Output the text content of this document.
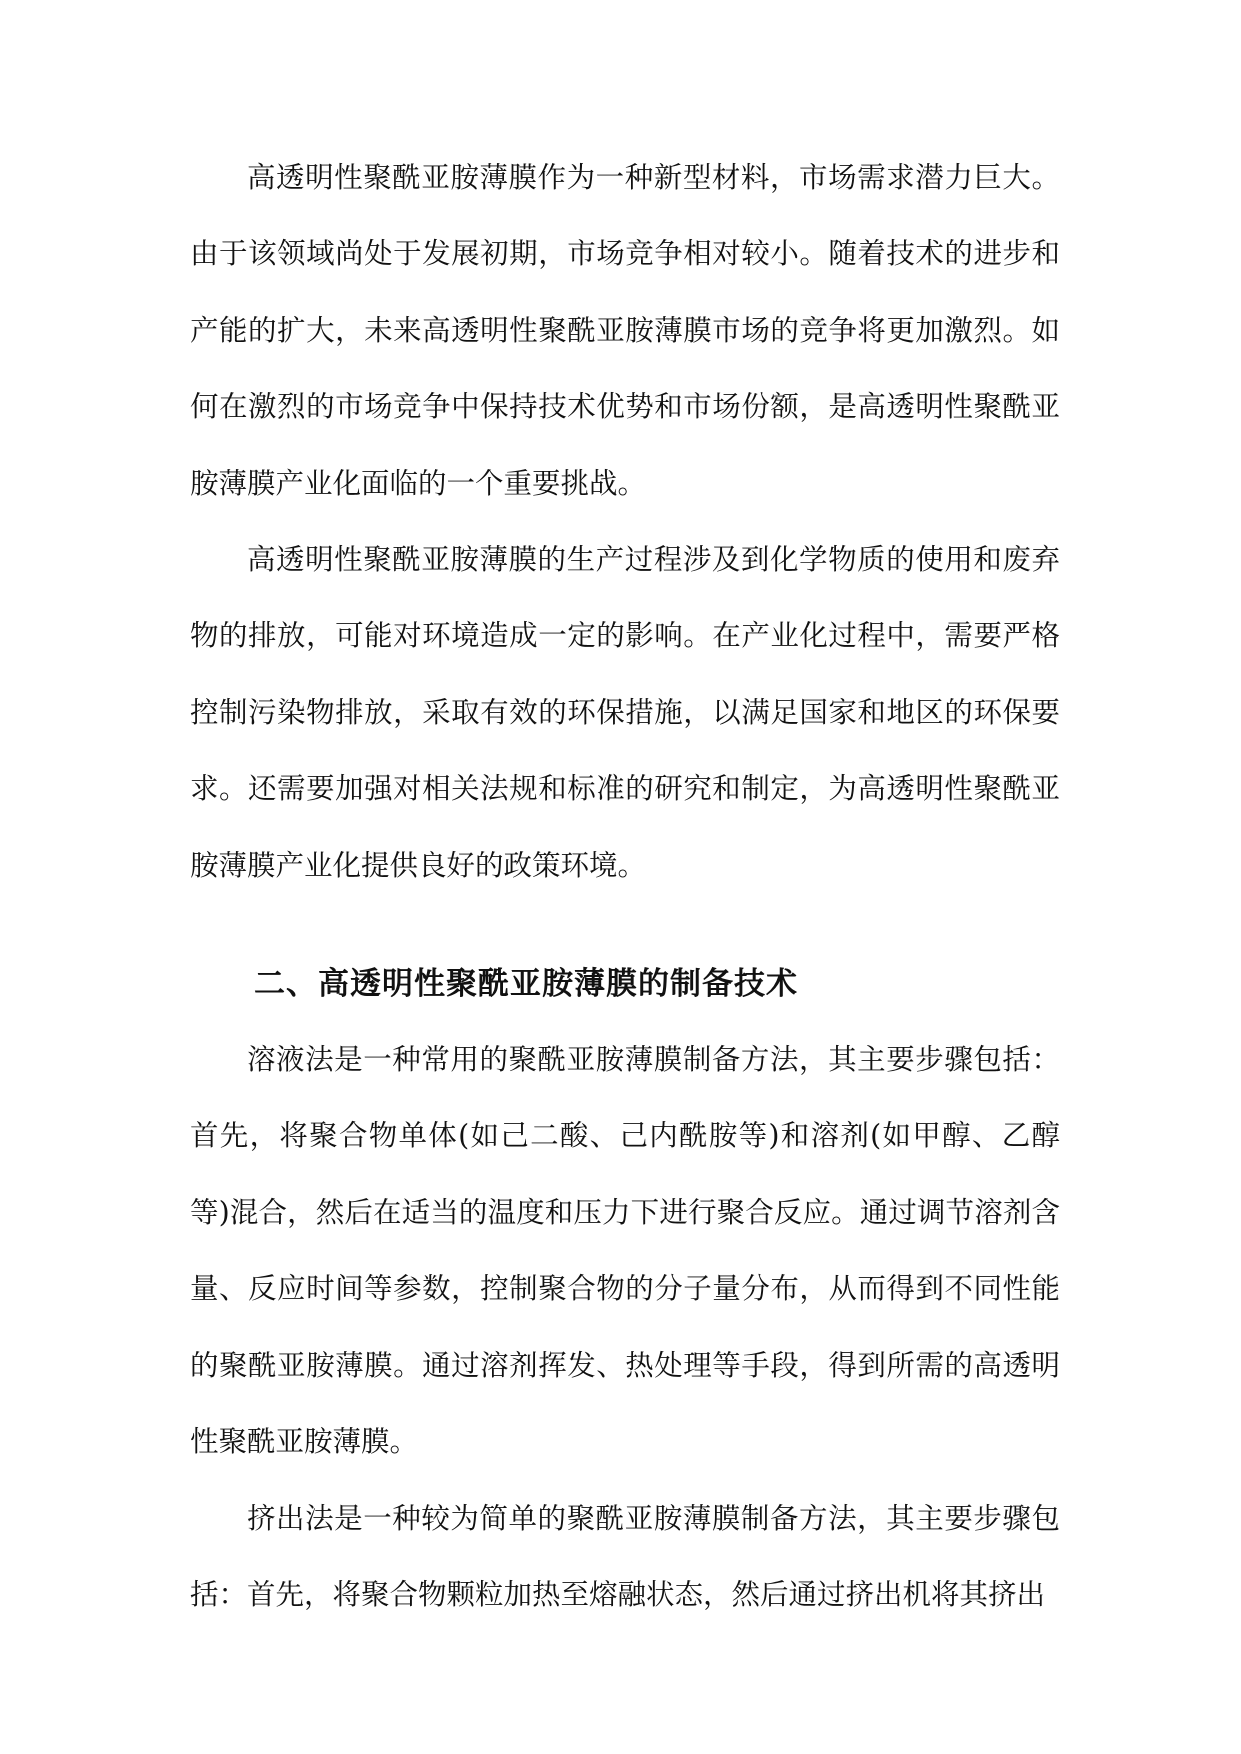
高透明性聚酰亚胺薄膜作为一种新型材料，市场需求潜力巨大。由于该领域尚处于发展初期，市场竞争相对较小。随着技术的进步和产能的扩大，未来高透明性聚酰亚胺薄膜市场的竞争将更加激烈。如何在激烈的市场竞争中保持技术优势和市场份额，是高透明性聚酰亚胺薄膜产业化面临的一个重要挑战。

高透明性聚酰亚胺薄膜的生产过程涉及到化学物质的使用和废弃物的排放，可能对环境造成一定的影响。在产业化过程中，需要严格控制污染物排放，采取有效的环保措施，以满足国家和地区的环保要求。还需要加强对相关法规和标准的研究和制定，为高透明性聚酰亚胺薄膜产业化提供良好的政策环境。

二、高透明性聚酰亚胺薄膜的制备技术

溶液法是一种常用的聚酰亚胺薄膜制备方法，其主要步骤包括：首先，将聚合物单体(如己二酸、己内酰胺等)和溶剂(如甲醇、乙醇等)混合，然后在适当的温度和压力下进行聚合反应。通过调节溶剂含量、反应时间等参数，控制聚合物的分子量分布，从而得到不同性能的聚酰亚胺薄膜。通过溶剂挥发、热处理等手段，得到所需的高透明性聚酰亚胺薄膜。

挤出法是一种较为简单的聚酰亚胺薄膜制备方法，其主要步骤包括：首先，将聚合物颗粒加热至熔融状态，然后通过挤出机将其挤出
